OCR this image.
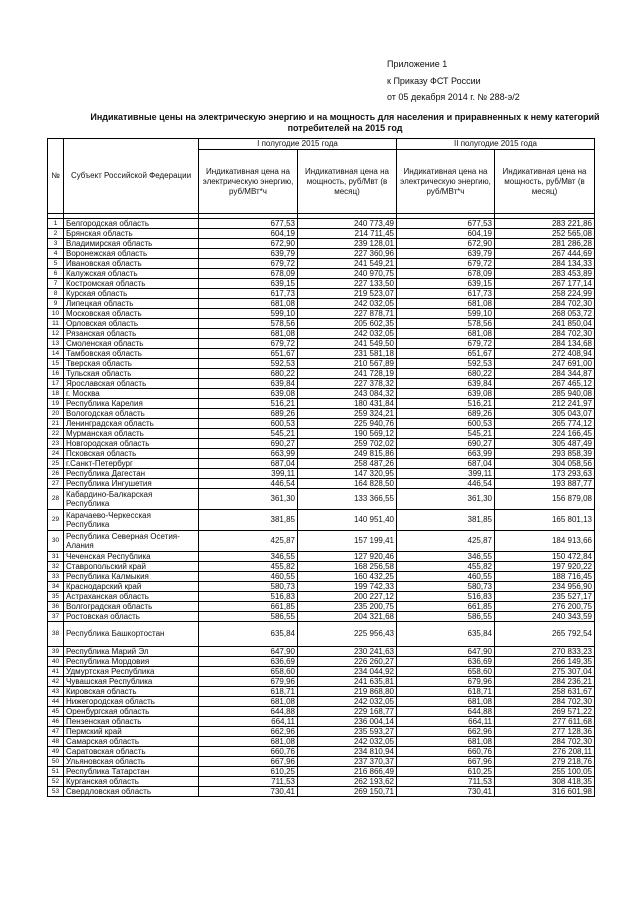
Приложение 1
к Приказу ФСТ России
от 05 декабря 2014 г. № 288-э/2
Индикативные цены на электрическую энергию и на мощность для населения и приравненных к нему категорий
потребителей на 2015 год
№	Субъект Российской Федерации	I полугодие 2015 года		II полугодие 2015 года	
		Индикативная цена на электрическую энергию, руб/МВт*ч	Индикативная цена на мощность, руб/Мвт (в месяц)	Индикативная цена на электрическую энергию, руб/МВт*ч	Индикативная цена на мощность, руб/Мвт (в месяц)

1	Белгородская область	677,53	240 773,49	677,53	283 221,86
2	Брянская область	604,19	214 711,45	604,19	252 565,08
3	Владимирская область	672,90	239 128,01	672,90	281 286,28
4	Воронежская область	639,79	227 360,96	639,79	267 444,69
5	Ивановская область	679,72	241 549,21	679,72	284 134,33
6	Калужская область	678,09	240 970,75	678,09	283 453,89
7	Костромская область	639,15	227 133,50	639,15	267 177,14
8	Курская область	617,73	219 523,07	617,73	258 224,99
9	Липецкая область	681,08	242 032,05	681,08	284 702,30
10	Московская область	599,10	227 878,71	599,10	268 053,72
11	Орловская область	578,56	205 602,35	578,56	241 850,04
12	Рязанская область	681,08	242 032,05	681,08	284 702,30
13	Смоленская область	679,72	241 549,50	679,72	284 134,68
14	Тамбовская область	651,67	231 581,18	651,67	272 408,94
15	Тверская область	592,53	210 567,89	592,53	247 691,00
16	Тульская область	680,22	241 728,19	680,22	284 344,87
17	Ярославская область	639,84	227 378,32	639,84	267 465,12
18	г. Москва	639,08	243 084,32	639,08	285 940,08
19	Республика Карелия	516,21	180 431,84	516,21	212 241,97
20	Вологодская область	689,26	259 324,21	689,26	305 043,07
21	Ленинградская область	600,53	225 940,76	600,53	265 774,12
22	Мурманская область	545,21	190 569,12	545,21	224 166,45
23	Новгородская область	690,27	259 702,02	690,27	305 487,49
24	Псковская область	663,99	249 815,86	663,99	293 858,39
25	г.Санкт-Петербург	687,04	258 487,26	687,04	304 058,56
26	Республика Дагестан	399,11	147 320,95	399,11	173 293,63
27	Республика Ингушетия	446,54	164 828,50	446,54	193 887,77
28	Кабардино-Балкарская Республика	361,30	133 366,55	361,30	156 879,08
29	Карачаево-Черкесская Республика	381,85	140 951,40	381,85	165 801,13
30	Республика Северная Осетия-Алания	425,87	157 199,41	425,87	184 913,66
31	Чеченская Республика	346,55	127 920,46	346,55	150 472,84
32	Ставропольский край	455,82	168 256,58	455,82	197 920,22
33	Республика Калмыкия	460,55	160 432,25	460,55	188 716,45
34	Краснодарский край	580,73	199 742,33	580,73	234 956,90
35	Астраханская область	516,83	200 227,12	516,83	235 527,17
36	Волгоградская область	661,85	235 200,75	661,85	276 200,75
37	Ростовская область	586,55	204 321,68	586,55	240 343,59
38	Республика Башкортостан	635,84	225 956,43	635,84	265 792,54
39	Республика Марий Эл	647,90	230 241,63	647,90	270 833,23
40	Республика Мордовия	636,69	226 260,27	636,69	266 149,35
41	Удмуртская Республика	658,60	234 044,92	658,60	275 307,04
42	Чувашская Республика	679,96	241 635,81	679,96	284 236,21
43	Кировская область	618,71	219 868,80	618,71	258 631,67
44	Нижегородская область	681,08	242 032,05	681,08	284 702,30
45	Оренбургская область	644,88	229 168,77	644,88	269 571,22
46	Пензенская область	664,11	236 004,14	664,11	277 611,68
47	Пермский край	662,96	235 593,27	662,96	277 128,36
48	Самарская область	681,08	242 032,05	681,08	284 702,30
49	Саратовская область	660,76	234 810,94	660,76	276 208,11
50	Ульяновская область	667,96	237 370,37	667,96	279 218,76
51	Республика Татарстан	610,25	216 866,49	610,25	255 100,05
52	Курганская область	711,53	262 193,62	711,53	308 418,35
53	Свердловская область	730,41	269 150,71	730,41	316 601,98
